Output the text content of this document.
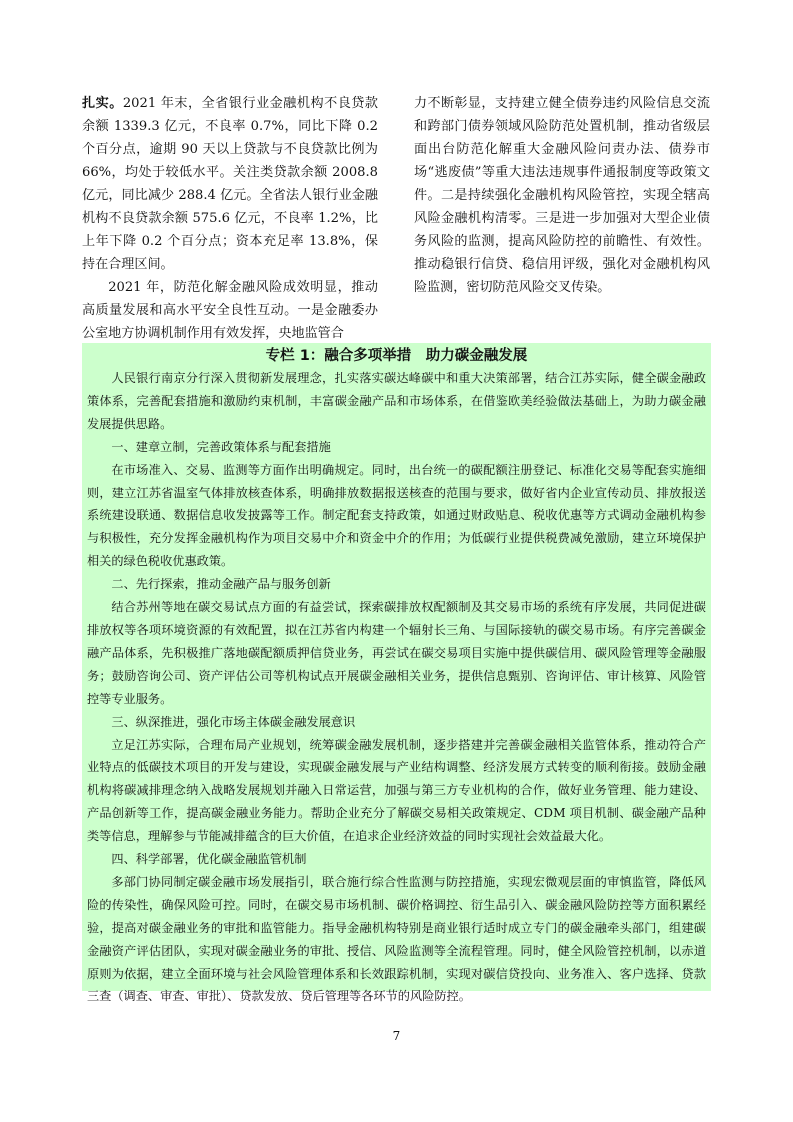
扎实。2021 年末，全省银行业金融机构不良贷款余额 1339.3 亿元，不良率 0.7%，同比下降 0.2 个百分点，逾期 90 天以上贷款与不良贷款比例为 66%，均处于较低水平。关注类贷款余额 2008.8 亿元，同比减少 288.4 亿元。全省法人银行业金融机构不良贷款余额 575.6 亿元，不良率 1.2%，比上年下降 0.2 个百分点；资本充足率 13.8%，保持在合理区间。

2021 年，防范化解金融风险成效明显，推动高质量发展和高水平安全良性互动。一是金融委办公室地方协调机制作用有效发挥，央地监管合

力不断彰显，支持建立健全债券违约风险信息交流和跨部门债券领域风险防范处置机制，推动省级层面出台防范化解重大金融风险问责办法、债券市场“逃废债”等重大违法违规事件通报制度等政策文件。二是持续强化金融机构风险管控，实现全辖高风险金融机构清零。三是进一步加强对大型企业债务风险的监测，提高风险防控的前瞻性、有效性。推动稳银行信贷、稳信用评级，强化对金融机构风险监测，密切防范风险交叉传染。

专栏 1：融合多项举措　助力碳金融发展

人民银行南京分行深入贯彻新发展理念，扎实落实碳达峰碳中和重大决策部署，结合江苏实际，健全碳金融政策体系，完善配套措施和激励约束机制，丰富碳金融产品和市场体系，在借鉴欧美经验做法基础上，为助力碳金融发展提供思路。

一、建章立制，完善政策体系与配套措施

在市场准入、交易、监测等方面作出明确规定。同时，出台统一的碳配额注册登记、标准化交易等配套实施细则，建立江苏省温室气体排放核查体系，明确排放数据报送核查的范围与要求，做好省内企业宣传动员、排放报送系统建设联通、数据信息收发披露等工作。制定配套支持政策，如通过财政贴息、税收优惠等方式调动金融机构参与积极性，充分发挥金融机构作为项目交易中介和资金中介的作用；为低碳行业提供税费减免激励，建立环境保护相关的绿色税收优惠政策。

二、先行探索，推动金融产品与服务创新

结合苏州等地在碳交易试点方面的有益尝试，探索碳排放权配额制及其交易市场的系统有序发展，共同促进碳排放权等各项环境资源的有效配置，拟在江苏省内构建一个辐射长三角、与国际接轨的碳交易市场。有序完善碳金融产品体系，先积极推广落地碳配额质押信贷业务，再尝试在碳交易项目实施中提供碳信用、碳风险管理等金融服务；鼓励咨询公司、资产评估公司等机构试点开展碳金融相关业务，提供信息甄别、咨询评估、审计核算、风险管控等专业服务。

三、纵深推进，强化市场主体碳金融发展意识

立足江苏实际，合理布局产业规划，统筹碳金融发展机制，逐步搭建并完善碳金融相关监管体系，推动符合产业特点的低碳技术项目的开发与建设，实现碳金融发展与产业结构调整、经济发展方式转变的顺利衔接。鼓励金融机构将碳减排理念纳入战略发展规划并融入日常运营，加强与第三方专业机构的合作，做好业务管理、能力建设、产品创新等工作，提高碳金融业务能力。帮助企业充分了解碳交易相关政策规定、CDM 项目机制、碳金融产品种类等信息，理解参与节能减排蕴含的巨大价值，在追求企业经济效益的同时实现社会效益最大化。

四、科学部署，优化碳金融监管机制

多部门协同制定碳金融市场发展指引，联合施行综合性监测与防控措施，实现宏微观层面的审慎监管，降低风险的传染性，确保风险可控。同时，在碳交易市场机制、碳价格调控、衍生品引入、碳金融风险防控等方面积累经验，提高对碳金融业务的审批和监管能力。指导金融机构特别是商业银行适时成立专门的碳金融牵头部门，组建碳金融资产评估团队，实现对碳金融业务的审批、授信、风险监测等全流程管理。同时，健全风险管控机制，以赤道原则为依据，建立全面环境与社会风险管理体系和长效跟踪机制，实现对碳信贷投向、业务准入、客户选择、贷款三查（调查、审查、审批）、贷款发放、贷后管理等各环节的风险防控。

7
